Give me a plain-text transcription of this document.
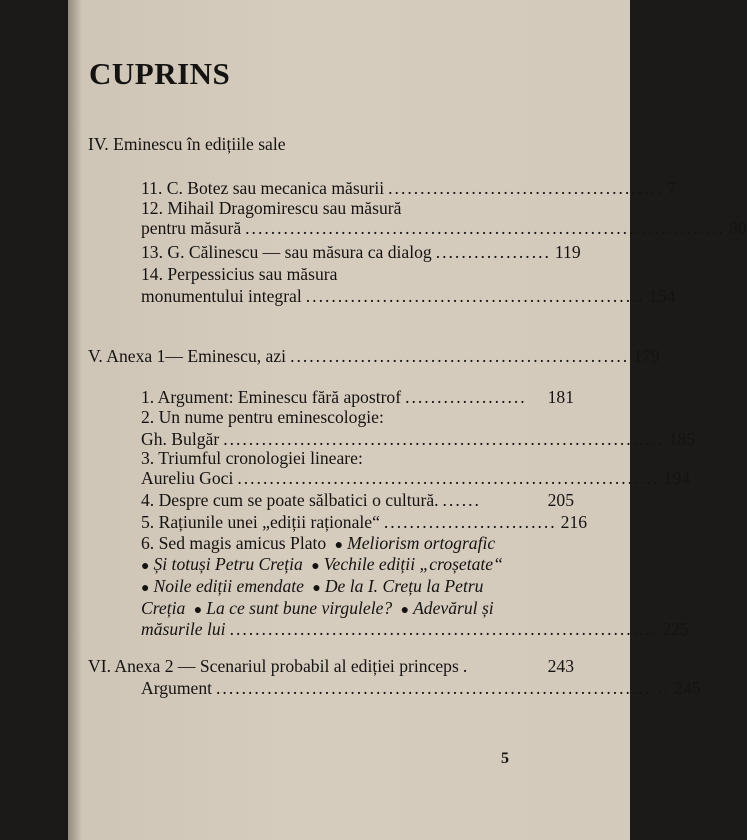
CUPRINS
IV. Eminescu în edițiile sale
11. C. Botez sau mecanica măsurii ........................................... 7
12. Mihail Dragomirescu sau măsură
pentru măsură ........................................................................... 80
13. G. Călinescu — sau măsura ca dialog .................. 119
14. Perpessicius sau măsura
monumentului integral ..................................................... 154
V. Anexa 1— Eminescu, azi ..................................................... 179
1. Argument: Eminescu fără apostrof ...................	181
2. Un nume pentru eminescologie:
Gh. Bulgăr ..................................................................... 185
3. Triumful cronologiei lineare:
Aureliu Goci .................................................................. 194
4. Despre cum se poate sălbatici o cultură. ......	205
5. Rațiunile unei „ediții raționale“ ........................... 216
6. Sed magis amicus Plato ● Meliorism ortografic
● Și totuși Petru Creția ● Vechile ediții „croșetate“
● Noile ediții emendate ● De la I. Crețu la Petru
Creția ● La ce sunt bune virgulele? ● Adevărul și
măsurile lui ................................................................... 225
VI. Anexa 2 — Scenariul probabil al ediției princeps .	243
Argument ....................................................................... 245
5
